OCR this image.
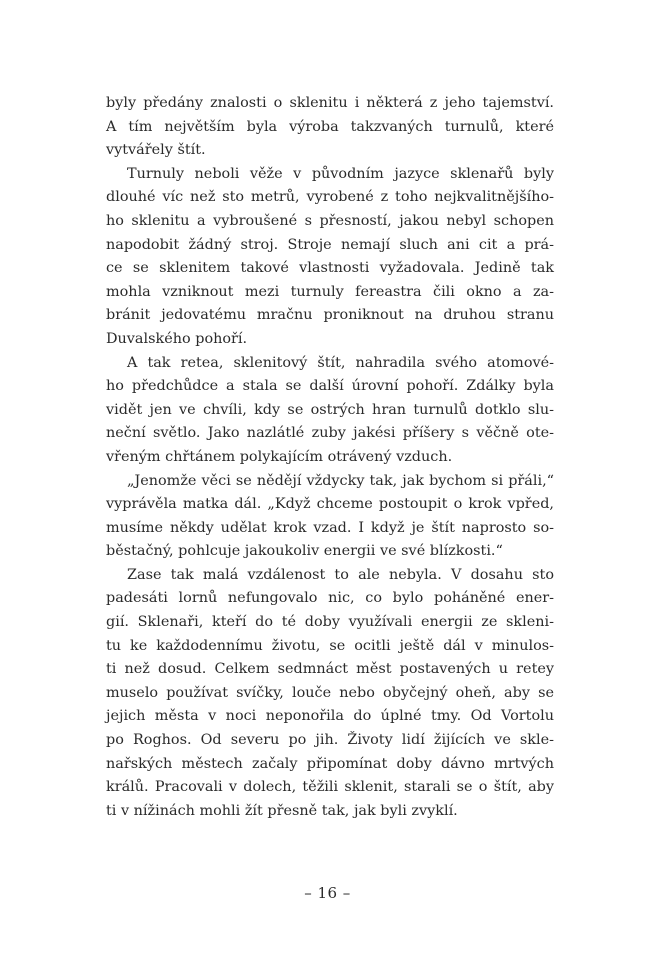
byly předány znalosti o sklenitu i některá z jeho tajemství.
A tím největším byla výroba takzvaných turnulů, které
vytvářely štít.
Turnuly neboli věže v původním jazyce sklenařů byly
dlouhé víc než sto metrů, vyrobené z toho nejkvalitnějšího-
ho sklenitu a vybroušené s přesností, jakou nebyl schopen
napodobit žádný stroj. Stroje nemají sluch ani cit a prá-
ce se sklenitem takové vlastnosti vyžadovala. Jedině tak
mohla vzniknout mezi turnuly fereastra čili okno a za-
bránit jedovatému mračnu proniknout na druhou stranu
Duvalského pohoří.
A tak retea, sklenitový štít, nahradila svého atomové-
ho předchůdce a stala se další úrovní pohoří. Zdálky byla
vidět jen ve chvíli, kdy se ostrých hran turnulů dotklo slu-
neční světlo. Jako nazlátlé zuby jakési příšery s věčně ote-
vřeným chřtánem polykajícím otrávený vzduch.
„Jenomže věci se nědějí vždycky tak, jak bychom si přáli,“
vyprávěla matka dál. „Když chceme postoupit o krok vpřed,
musíme někdy udělat krok vzad. I když je štít naprosto so-
běstačný, pohlcuje jakoukoliv energii ve své blízkosti.“
Zase tak malá vzdálenost to ale nebyla. V dosahu sto
padesáti lornů nefungovalo nic, co bylo poháněné ener-
gií. Sklenaři, kteří do té doby využívali energii ze skleni-
tu ke každodennímu životu, se ocitli ještě dál v minulos-
ti než dosud. Celkem sedmnáct měst postavených u retey
muselo používat svíčky, louče nebo obyčejný oheň, aby se
jejich města v noci neponořila do úplné tmy. Od Vortolu
po Roghos. Od severu po jih. Životy lidí žijících ve skle-
nařských městech začaly připomínat doby dávno mrtvých
králů. Pracovali v dolech, těžili sklenit, starali se o štít, aby
ti v nížinách mohli žít přesně tak, jak byli zvyklí.
– 16 –
